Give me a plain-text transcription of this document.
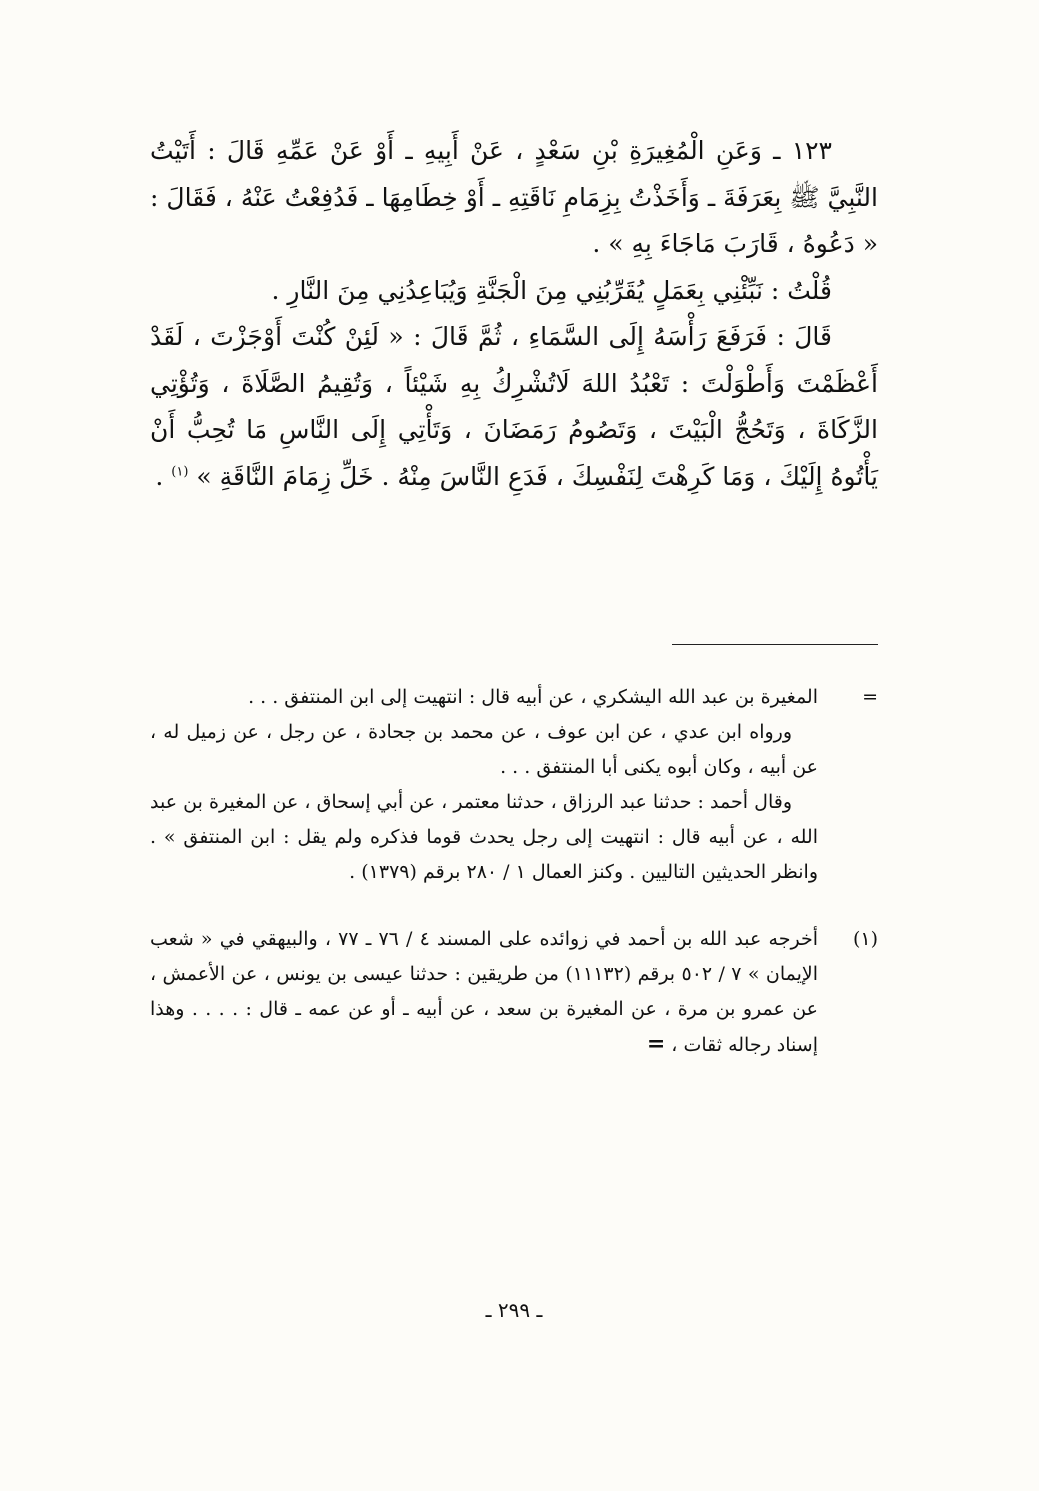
١٢٣ ـ وَعَنِ الْمُغِيرَةِ بْنِ سَعْدٍ ، عَنْ أَبِيهِ ـ أَوْ عَنْ عَمِّهِ قَالَ : أَتَيْتُ النَّبِيَّ ﷺ بِعَرَفَةَ ـ وَأَخَذْتُ بِزِمَامِ نَاقَتِهِ ـ أَوْ خِطَامِهَا ـ فَدُفِعْتُ عَنْهُ ، فَقَالَ : « دَعُوهُ ، قَارَبَ مَاجَاءَ بِهِ » .

قُلْتُ : نَبِّئْنِي بِعَمَلٍ يُقَرِّبُنِي مِنَ الْجَنَّةِ وَيُبَاعِدُنِي مِنَ النَّارِ .

قَالَ : فَرَفَعَ رَأْسَهُ إِلَى السَّمَاءِ ، ثُمَّ قَالَ : « لَئِنْ كُنْتَ أَوْجَزْتَ ، لَقَدْ أَعْظَمْتَ وَأَطْوَلْتَ : تَعْبُدُ اللهَ لَاتُشْرِكُ بِهِ شَيْئاً ، وَتُقِيمُ الصَّلَاةَ ، وَتُؤْتِي الزَّكَاةَ ، وَتَحُجُّ الْبَيْتَ ، وَتَصُومُ رَمَضَانَ ، وَتَأْتِي إِلَى النَّاسِ مَا تُحِبُّ أَنْ يَأْتُوهُ إِلَيْكَ ، وَمَا كَرِهْتَ لِنَفْسِكَ ، فَدَعِ النَّاسَ مِنْهُ . خَلِّ زِمَامَ النَّاقَةِ » $^{(١)}$ .

=

المغيرة بن عبد الله اليشكري ، عن أبيه قال : انتهيت إلى ابن المنتفق . . .

ورواه ابن عدي ، عن ابن عوف ، عن محمد بن جحادة ، عن رجل ، عن زميل له ، عن أبيه ، وكان أبوه يكنى أبا المنتفق . . .

وقال أحمد : حدثنا عبد الرزاق ، حدثنا معتمر ، عن أبي إسحاق ، عن المغيرة بن عبد الله ، عن أبيه قال : انتهيت إلى رجل يحدث قوما فذكره ولم يقل : ابن المنتفق » . وانظر الحديثين التاليين . وكنز العمال ١ / ٢٨٠ برقم (١٣٧٩) .

(١)

أخرجه عبد الله بن أحمد في زوائده على المسند ٤ / ٧٦ ـ ٧٧ ، والبيهقي في « شعب الإيمان » ٧ / ٥٠٢ برقم (١١١٣٢) من طريقين : حدثنا عيسى بن يونس ، عن الأعمش ، عن عمرو بن مرة ، عن المغيرة بن سعد ، عن أبيه ـ أو عن عمه ـ قال : . . . . وهذا إسناد رجاله ثقات ، =

ـ ٢٩٩ ـ
